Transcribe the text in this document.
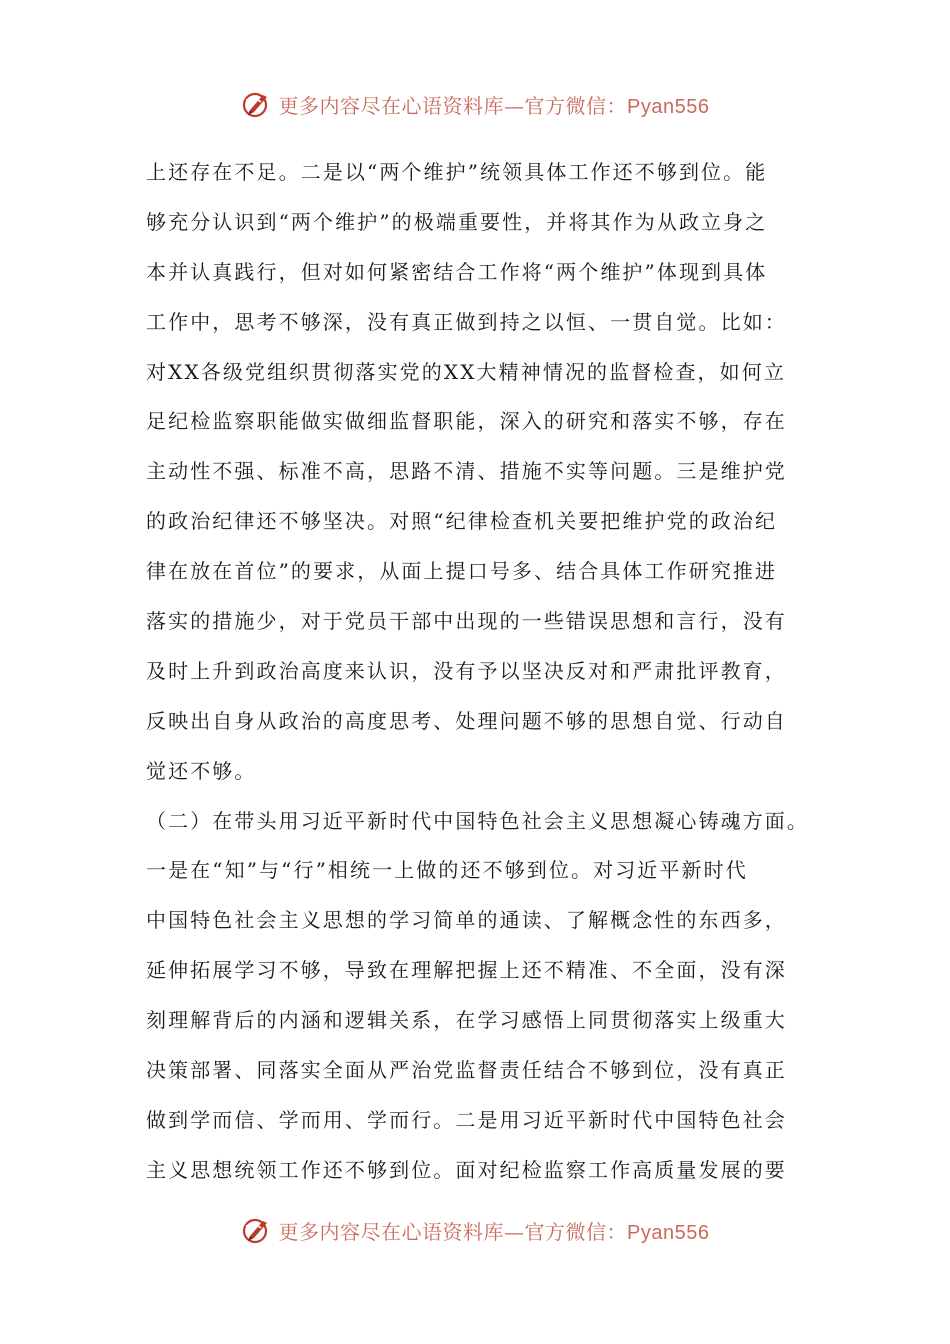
更多内容尽在心语资料库—官方微信：Pyan556
上还存在不足。二是以“两个维护”统领具体工作还不够到位。能
够充分认识到“两个维护”的极端重要性，并将其作为从政立身之
本并认真践行，但对如何紧密结合工作将“两个维护”体现到具体
工作中，思考不够深，没有真正做到持之以恒、一贯自觉。比如：
对XX各级党组织贯彻落实党的XX大精神情况的监督检查，如何立
足纪检监察职能做实做细监督职能，深入的研究和落实不够，存在
主动性不强、标准不高，思路不清、措施不实等问题。三是维护党
的政治纪律还不够坚决。对照“纪律检查机关要把维护党的政治纪
律在放在首位”的要求，从面上提口号多、结合具体工作研究推进
落实的措施少，对于党员干部中出现的一些错误思想和言行，没有
及时上升到政治高度来认识，没有予以坚决反对和严肃批评教育，
反映出自身从政治的高度思考、处理问题不够的思想自觉、行动自
觉还不够。
（二）在带头用习近平新时代中国特色社会主义思想凝心铸魂方面。
一是在“知”与“行”相统一上做的还不够到位。对习近平新时代
中国特色社会主义思想的学习简单的通读、了解概念性的东西多，
延伸拓展学习不够，导致在理解把握上还不精准、不全面，没有深
刻理解背后的内涵和逻辑关系，在学习感悟上同贯彻落实上级重大
决策部署、同落实全面从严治党监督责任结合不够到位，没有真正
做到学而信、学而用、学而行。二是用习近平新时代中国特色社会
主义思想统领工作还不够到位。面对纪检监察工作高质量发展的要
更多内容尽在心语资料库—官方微信：Pyan556
